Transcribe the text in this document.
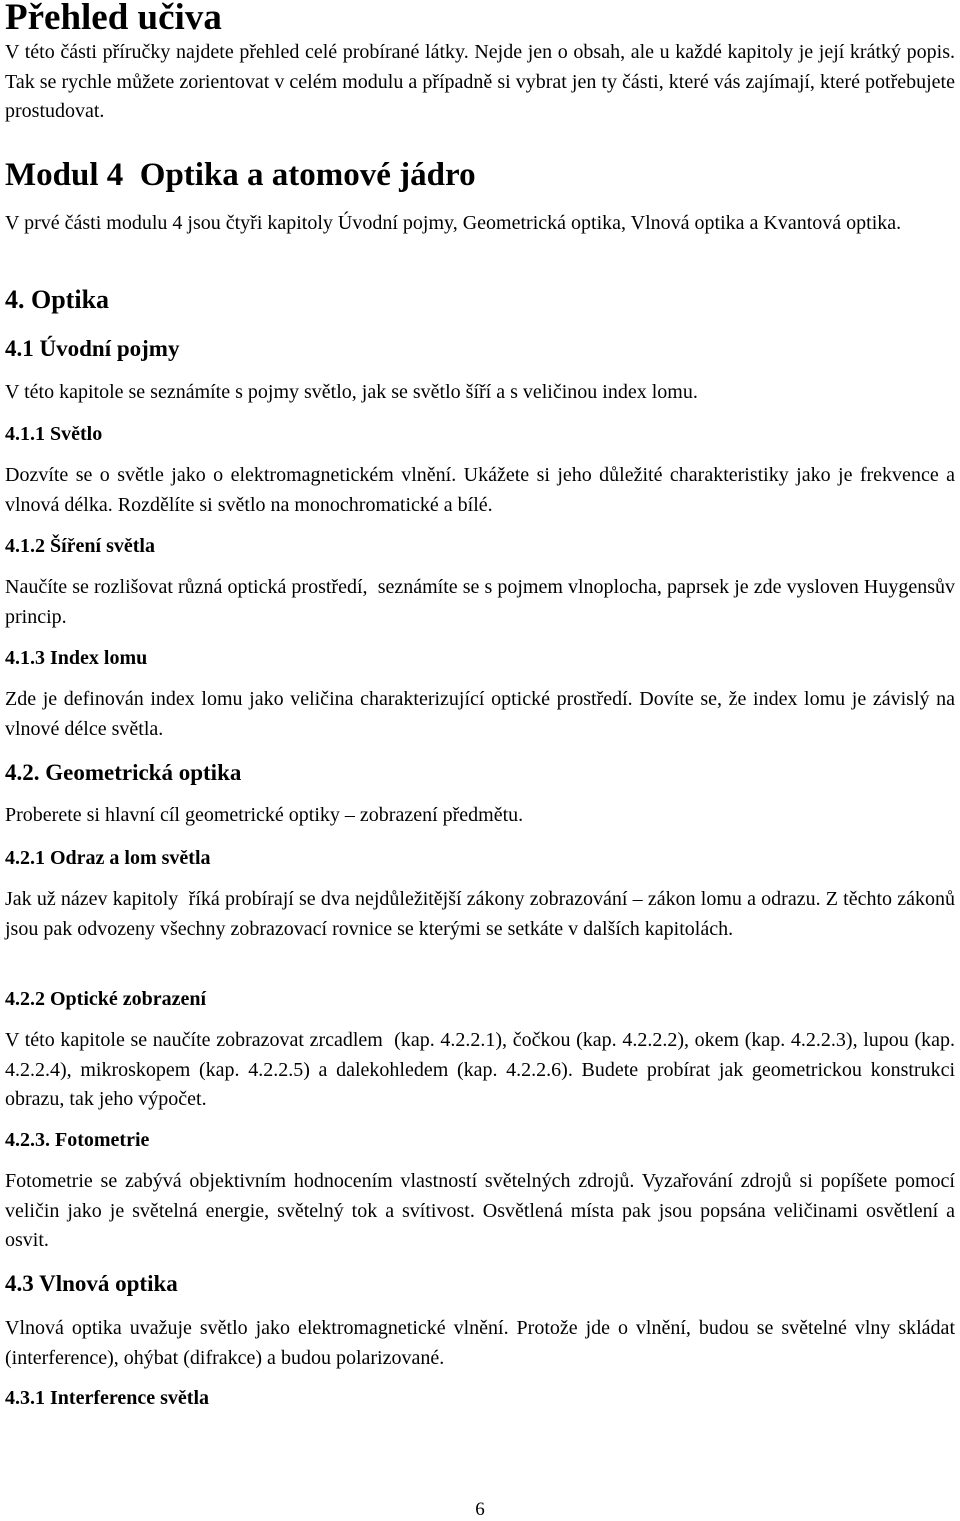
Přehled učiva

V této části příručky najdete přehled celé probírané látky. Nejde jen o obsah, ale u každé kapitoly je její krátký popis. Tak se rychle můžete zorientovat v celém modulu a případně si vybrat jen ty části, které vás zajímají, které potřebujete prostudovat.

Modul 4  Optika a atomové jádro

V prvé části modulu 4 jsou čtyři kapitoly Úvodní pojmy, Geometrická optika, Vlnová optika a Kvantová optika.

4. Optika
4.1 Úvodní pojmy

V této kapitole se seznámíte s pojmy světlo, jak se světlo šíří a s veličinou index lomu.

4.1.1 Světlo

Dozvíte se o světle jako o elektromagnetickém vlnění. Ukážete si jeho důležité charakteristiky jako je frekvence a vlnová délka. Rozdělíte si světlo na monochromatické a bílé.

4.1.2 Šíření světla

Naučíte se rozlišovat různá optická prostředí,  seznámíte se s pojmem vlnoplocha, paprsek je zde vysloven Huygensův princip.

4.1.3 Index lomu

Zde je definován index lomu jako veličina charakterizující optické prostředí. Dovíte se, že index lomu je závislý na vlnové délce světla.

4.2. Geometrická optika

Proberete si hlavní cíl geometrické optiky – zobrazení předmětu.

4.2.1 Odraz a lom světla

Jak už název kapitoly  říká probírají se dva nejdůležitější zákony zobrazování – zákon lomu a odrazu. Z těchto zákonů jsou pak odvozeny všechny zobrazovací rovnice se kterými se setkáte v dalších kapitolách.

4.2.2 Optické zobrazení

V této kapitole se naučíte zobrazovat zrcadlem  (kap. 4.2.2.1), čočkou (kap. 4.2.2.2), okem (kap. 4.2.2.3), lupou (kap. 4.2.2.4), mikroskopem (kap. 4.2.2.5) a dalekohledem (kap. 4.2.2.6). Budete probírat jak geometrickou konstrukci obrazu, tak jeho výpočet.

4.2.3. Fotometrie

Fotometrie se zabývá objektivním hodnocením vlastností světelných zdrojů. Vyzařování zdrojů si popíšete pomocí veličin jako je světelná energie, světelný tok a svítivost. Osvětlená místa pak jsou popsána veličinami osvětlení a osvit.

4.3 Vlnová optika

Vlnová optika uvažuje světlo jako elektromagnetické vlnění. Protože jde o vlnění, budou se světelné vlny skládat (interference), ohýbat (difrakce) a budou polarizované.

4.3.1 Interference světla
6
